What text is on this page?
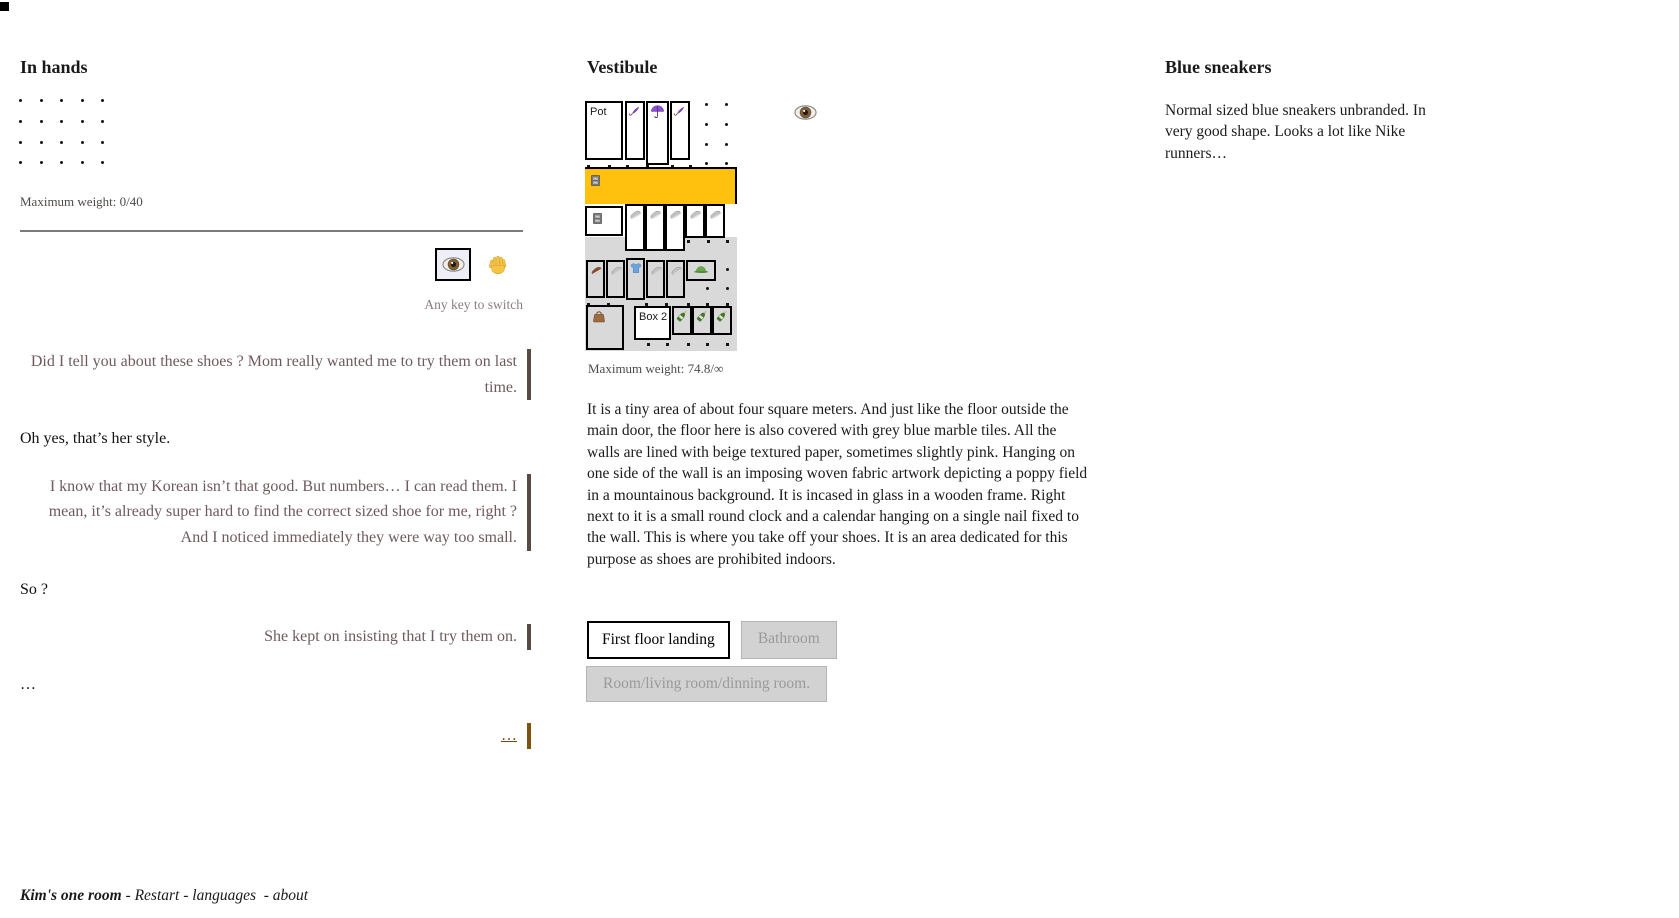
In hands
Maximum weight: 0/40
Any key to switch

Did I tell you about these shoes ? Mom really wanted me to try them on last time.

Oh yes, that’s her style.

I know that my Korean isn’t that good. But numbers… I can read them. I mean, it’s already super hard to find the correct sized shoe for me, right ? And I noticed immediately they were way too small.

So ?

She kept on insisting that I try them on.

…

…

Vestibule
Pot
Box 2
Maximum weight: 74.8/∞
It is a tiny area of about four square meters. And just like the floor outside the main door, the floor here is also covered with grey blue marble tiles. All the walls are lined with beige textured paper, sometimes slightly pink. Hanging on one side of the wall is an imposing woven fabric artwork depicting a poppy field in a mountainous background. It is incased in glass in a wooden frame. Right next to it is a small round clock and a calendar hanging on a single nail fixed to the wall. This is where you take off your shoes. It is an area dedicated for this purpose as shoes are prohibited indoors.
First floor landing	Bathroom
Room/living room/dinning room.
Blue sneakers
Normal sized blue sneakers unbranded. In very good shape. Looks a lot like Nike runners…
Kim's one room - Restart - languages - about
